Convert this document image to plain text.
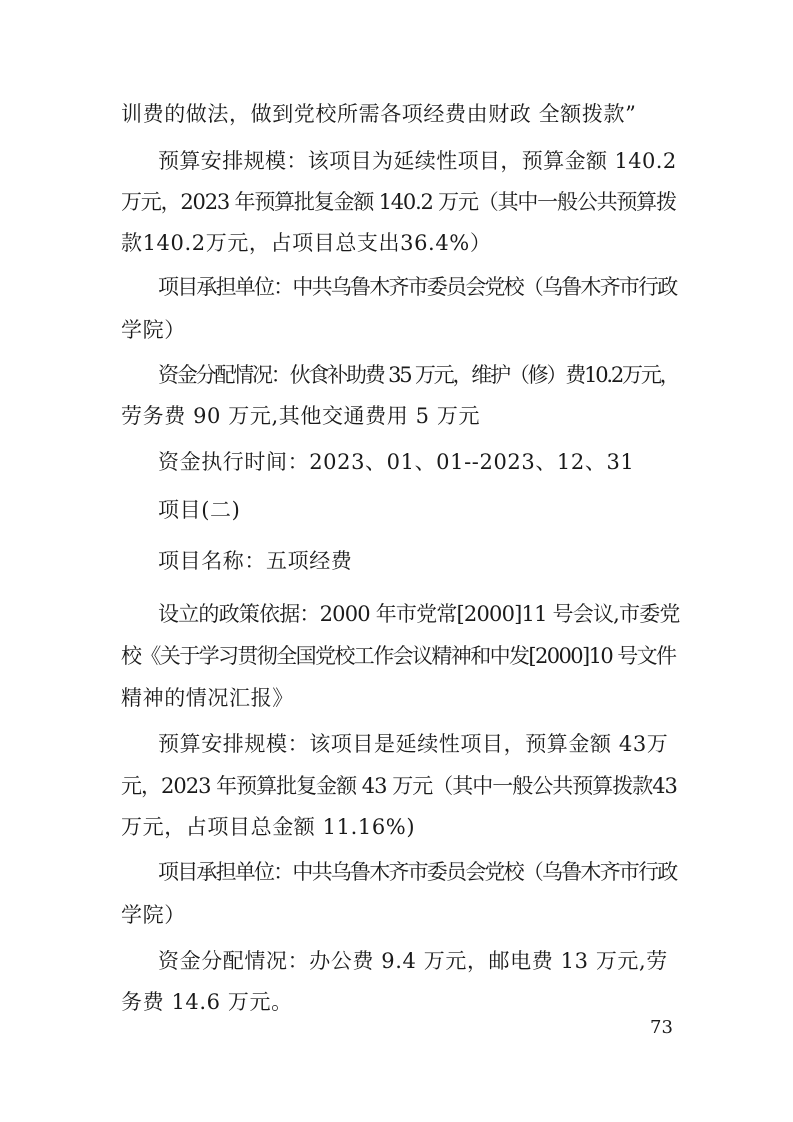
训费的做法，做到党校所需各项经费由财政 全额拨款”
预算安排规模：该项目为延续性项目，预算金额 140.2
万元，2023 年预算批复金额 140.2 万元（其中一般公共预算拨
款140.2万元，占项目总支出36.4%）
项目承担单位：中共乌鲁木齐市委员会党校（乌鲁木齐市行政
学院）
资金分配情况：伙食补助费 35 万元，维护（修）费10.2万元，
劳务费 90 万元,其他交通费用 5 万元
资金执行时间：2023、01、01--2023、12、31
项目(二)
项目名称：五项经费
设立的政策依据：2000 年市党常[2000]11 号会议,市委党
校《关于学习贯彻全国党校工作会议精神和中发[2000]10 号文件
精神的情况汇报》
预算安排规模：该项目是延续性项目，预算金额 43万
元，2023 年预算批复金额 43 万元（其中一般公共预算拨款43
万元，占项目总金额 11.16%)
项目承担单位：中共乌鲁木齐市委员会党校（乌鲁木齐市行政
学院）
资金分配情况：办公费 9.4 万元，邮电费 13 万元,劳
务费 14.6 万元。
73
